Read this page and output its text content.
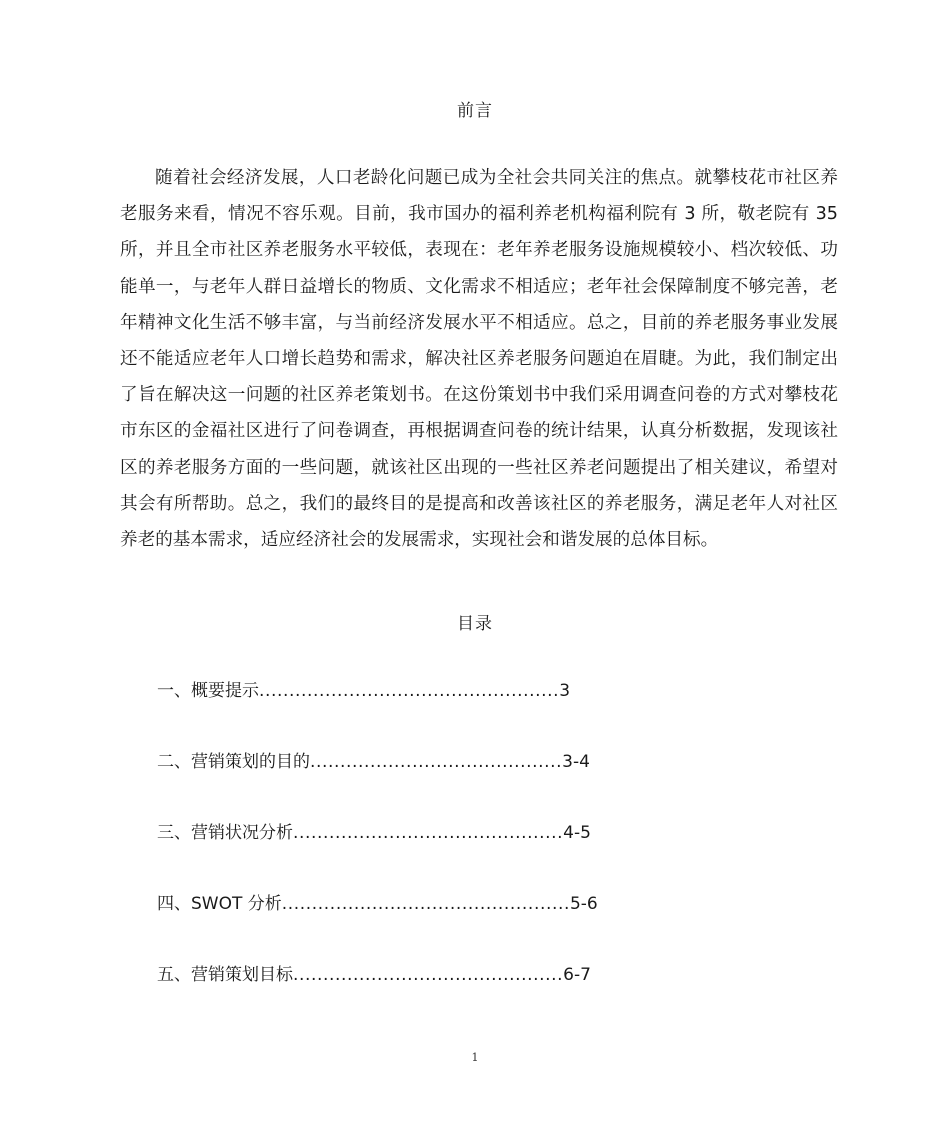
前言

随着社会经济发展，人口老龄化问题已成为全社会共同关注的焦点。就攀枝花市社区养老服务来看，情况不容乐观。目前，我市国办的福利养老机构福利院有 3 所，敬老院有 35 所，并且全市社区养老服务水平较低，表现在：老年养老服务设施规模较小、档次较低、功能单一，与老年人群日益增长的物质、文化需求不相适应；老年社会保障制度不够完善，老年精神文化生活不够丰富，与当前经济发展水平不相适应。总之，目前的养老服务事业发展还不能适应老年人口增长趋势和需求，解决社区养老服务问题迫在眉睫。为此，我们制定出了旨在解决这一问题的社区养老策划书。在这份策划书中我们采用调查问卷的方式对攀枝花市东区的金福社区进行了问卷调查，再根据调查问卷的统计结果，认真分析数据，发现该社区的养老服务方面的一些问题，就该社区出现的一些社区养老问题提出了相关建议，希望对其会有所帮助。总之，我们的最终目的是提高和改善该社区的养老服务，满足老年人对社区养老的基本需求，适应经济社会的发展需求，实现社会和谐发展的总体目标。

目录
一、概要提示..................................................3
二、营销策划的目的..........................................3-4
三、营销状况分析.............................................4-5
四、SWOT 分析................................................5-6
五、营销策划目标.............................................6-7
1
